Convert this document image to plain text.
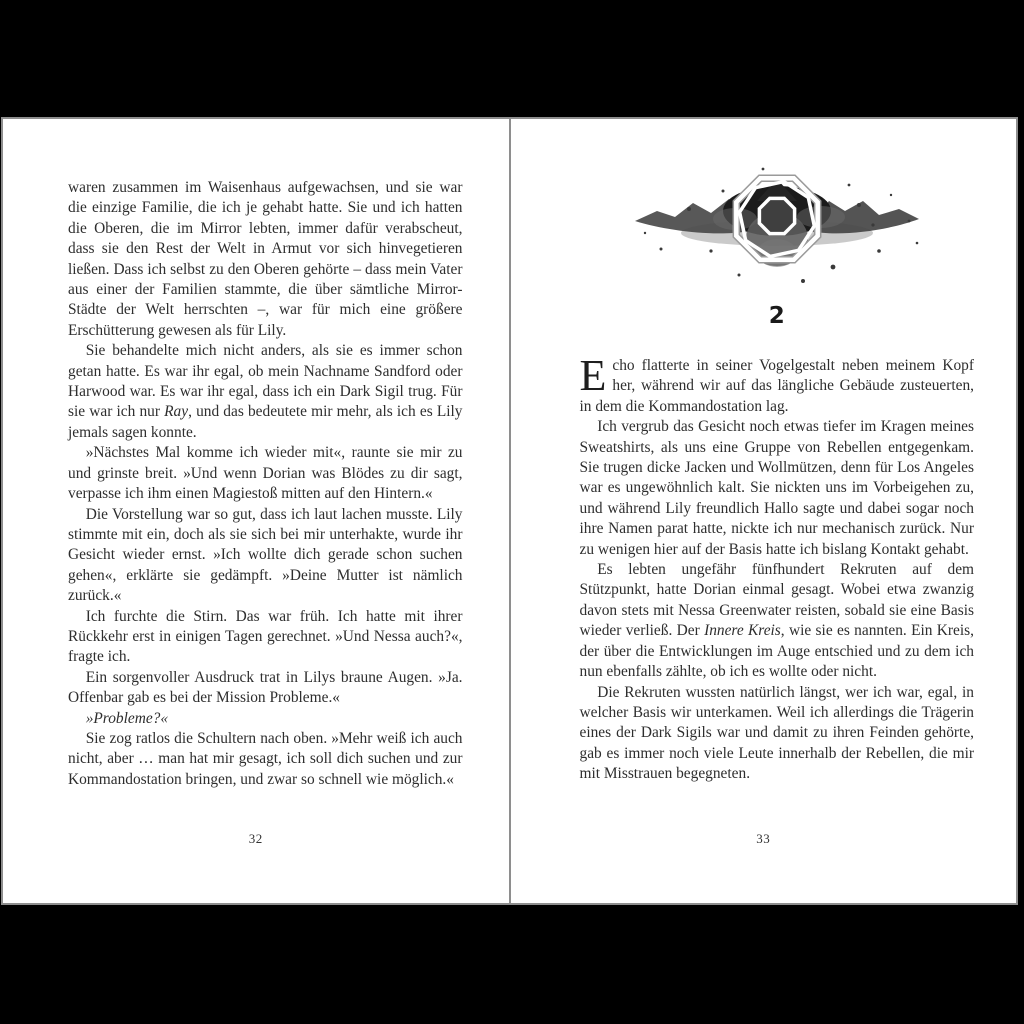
waren zusammen im Waisenhaus aufgewachsen, und sie war die einzige Familie, die ich je gehabt hatte. Sie und ich hatten die Oberen, die im Mirror lebten, immer dafür verabscheut, dass sie den Rest der Welt in Armut vor sich hinvegetieren ließen. Dass ich selbst zu den Oberen gehörte – dass mein Vater aus einer der Familien stammte, die über sämtliche Mirror-Städte der Welt herrschten –, war für mich eine größere Erschütterung gewesen als für Lily.

Sie behandelte mich nicht anders, als sie es immer schon getan hatte. Es war ihr egal, ob mein Nachname Sandford oder Harwood war. Es war ihr egal, dass ich ein Dark Sigil trug. Für sie war ich nur Ray, und das bedeutete mir mehr, als ich es Lily jemals sagen konnte.

»Nächstes Mal komme ich wieder mit«, raunte sie mir zu und grinste breit. »Und wenn Dorian was Blödes zu dir sagt, verpasse ich ihm einen Magiestoß mitten auf den Hintern.«

Die Vorstellung war so gut, dass ich laut lachen musste. Lily stimmte mit ein, doch als sie sich bei mir unterhakte, wurde ihr Gesicht wieder ernst. »Ich wollte dich gerade schon suchen gehen«, erklärte sie gedämpft. »Deine Mutter ist nämlich zurück.«

Ich furchte die Stirn. Das war früh. Ich hatte mit ihrer Rückkehr erst in einigen Tagen gerechnet. »Und Nessa auch?«, fragte ich.

Ein sorgenvoller Ausdruck trat in Lilys braune Augen. »Ja. Offenbar gab es bei der Mission Probleme.«

»Probleme?«

Sie zog ratlos die Schultern nach oben. »Mehr weiß ich auch nicht, aber … man hat mir gesagt, ich soll dich suchen und zur Kommandostation bringen, und zwar so schnell wie möglich.«

32
2

Echo flatterte in seiner Vogelgestalt neben meinem Kopf her, während wir auf das längliche Gebäude zusteuerten, in dem die Kommandostation lag.

Ich vergrub das Gesicht noch etwas tiefer im Kragen meines Sweatshirts, als uns eine Gruppe von Rebellen entgegenkam. Sie trugen dicke Jacken und Wollmützen, denn für Los Angeles war es ungewöhnlich kalt. Sie nickten uns im Vorbeigehen zu, und während Lily freundlich Hallo sagte und dabei sogar noch ihre Namen parat hatte, nickte ich nur mechanisch zurück. Nur zu wenigen hier auf der Basis hatte ich bislang Kontakt gehabt.

Es lebten ungefähr fünfhundert Rekruten auf dem Stützpunkt, hatte Dorian einmal gesagt. Wobei etwa zwanzig davon stets mit Nessa Greenwater reisten, sobald sie eine Basis wieder verließ. Der Innere Kreis, wie sie es nannten. Ein Kreis, der über die Entwicklungen im Auge entschied und zu dem ich nun ebenfalls zählte, ob ich es wollte oder nicht.

Die Rekruten wussten natürlich längst, wer ich war, egal, in welcher Basis wir unterkamen. Weil ich allerdings die Trägerin eines der Dark Sigils war und damit zu ihren Feinden gehörte, gab es immer noch viele Leute innerhalb der Rebellen, die mir mit Misstrauen begegneten.

33
